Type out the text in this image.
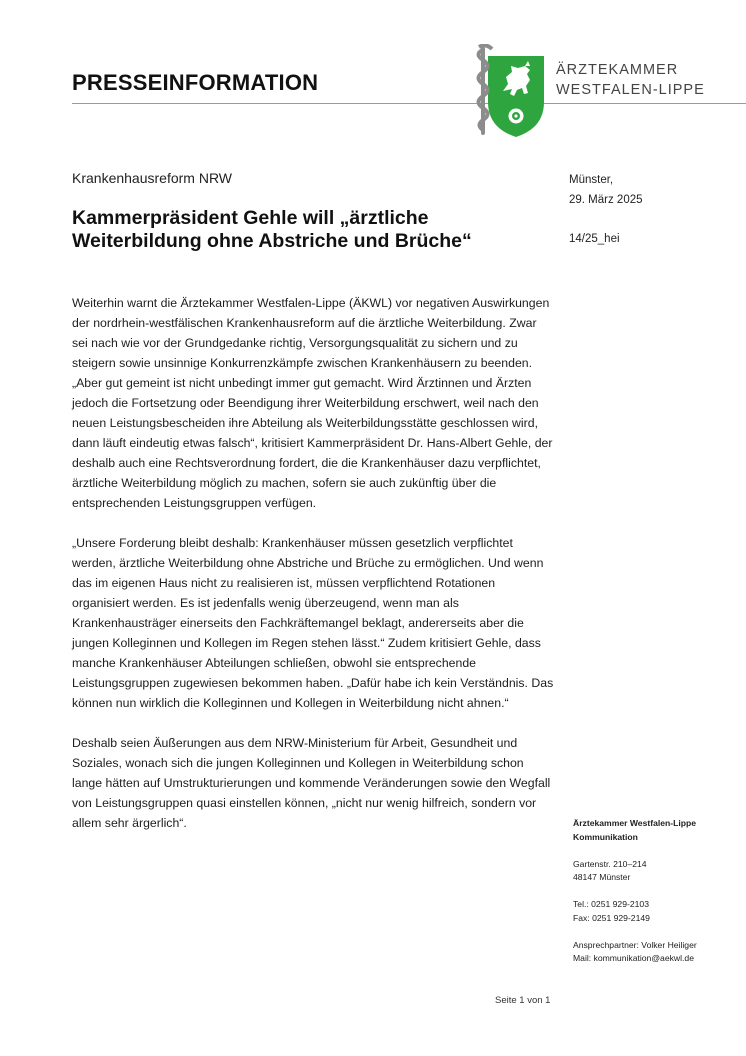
PRESSEINFORMATION	ÄRZTEKAMMER
WESTFALEN-LIPPE
Krankenhausreform NRW
Kammerpräsident Gehle will „ärztliche
Weiterbildung ohne Abstriche und Brüche“
Münster,
29. März 2025
14/25_hei

Weiterhin warnt die Ärztekammer Westfalen-Lippe (ÄKWL) vor negativen Auswirkungen der nordrhein-westfälischen Krankenhausreform auf die ärztliche Weiterbildung. Zwar sei nach wie vor der Grundgedanke richtig, Versorgungsqualität zu sichern und zu steigern sowie unsinnige Konkurrenzkämpfe zwischen Krankenhäusern zu beenden. „Aber gut gemeint ist nicht unbedingt immer gut gemacht. Wird Ärztinnen und Ärzten jedoch die Fortsetzung oder Beendigung ihrer Weiterbildung erschwert, weil nach den neuen Leistungsbescheiden ihre Abteilung als Weiterbildungsstätte geschlossen wird, dann läuft eindeutig etwas falsch“, kritisiert Kammerpräsident Dr. Hans-Albert Gehle, der deshalb auch eine Rechtsverordnung fordert, die die Krankenhäuser dazu verpflichtet, ärztliche Weiterbildung möglich zu machen, sofern sie auch zukünftig über die entsprechenden Leistungsgruppen verfügen.

„Unsere Forderung bleibt deshalb: Krankenhäuser müssen gesetzlich verpflichtet werden, ärztliche Weiterbildung ohne Abstriche und Brüche zu ermöglichen. Und wenn das im eigenen Haus nicht zu realisieren ist, müssen verpflichtend Rotationen organisiert werden. Es ist jedenfalls wenig überzeugend, wenn man als Krankenhausträger einerseits den Fachkräftemangel beklagt, andererseits aber die jungen Kolleginnen und Kollegen im Regen stehen lässt.“ Zudem kritisiert Gehle, dass manche Krankenhäuser Abteilungen schließen, obwohl sie entsprechende Leistungsgruppen zugewiesen bekommen haben. „Dafür habe ich kein Verständnis. Das können nun wirklich die Kolleginnen und Kollegen in Weiterbildung nicht ahnen.“

Deshalb seien Äußerungen aus dem NRW-Ministerium für Arbeit, Gesundheit und Soziales, wonach sich die jungen Kolleginnen und Kollegen in Weiterbildung schon lange hätten auf Umstrukturierungen und kommende Veränderungen sowie den Wegfall von Leistungsgruppen quasi einstellen können, „nicht nur wenig hilfreich, sondern vor allem sehr ärgerlich“.	Ärztekammer Westfalen-Lippe
Kommunikation
Gartenstr. 210–214
48147 Münster
Tel.: 0251 929-2103
Fax: 0251 929-2149
Ansprechpartner: Volker Heiliger
Mail: kommunikation@aekwl.de
Seite 1 von 1
